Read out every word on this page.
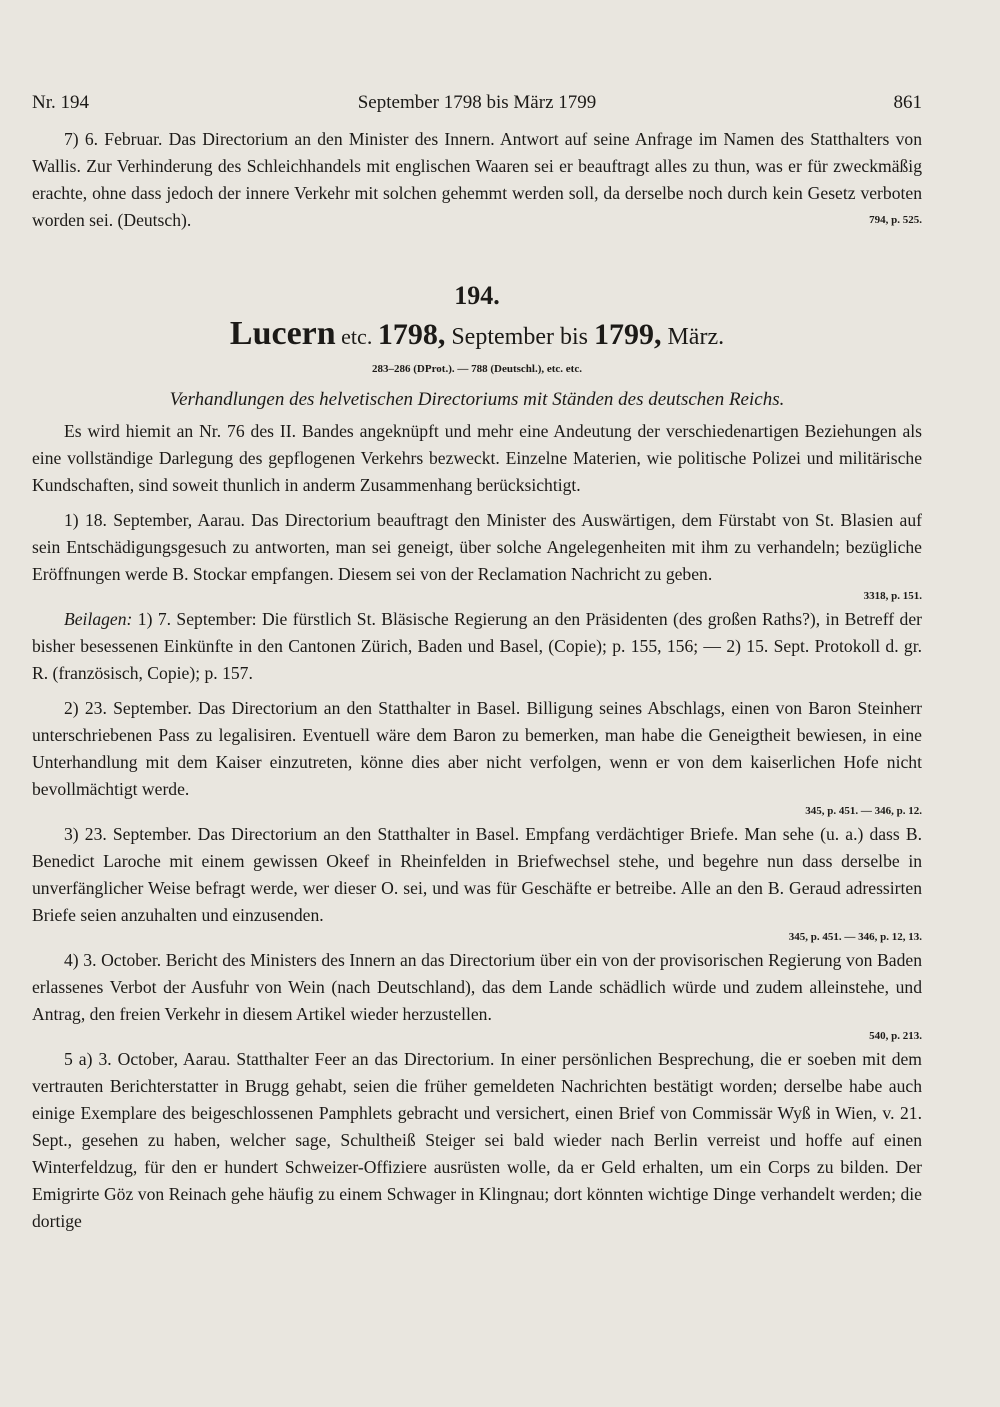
Nr. 194	September 1798 bis März 1799	861

7) 6. Februar. Das Directorium an den Minister des Innern. Antwort auf seine Anfrage im Namen des Statthalters von Wallis. Zur Verhinderung des Schleichhandels mit englischen Waaren sei er beauftragt alles zu thun, was er für zweckmäßig erachte, ohne dass jedoch der innere Verkehr mit solchen gehemmt werden soll, da derselbe noch durch kein Gesetz verboten worden sei. (Deutsch).	794, p. 525.

194.

Lucern etc. 1798, September bis 1799, März.

283–286 (DProt.). — 788 (Deutschl.), etc. etc.
Verhandlungen des helvetischen Directoriums mit Ständen des deutschen Reichs.

Es wird hiemit an Nr. 76 des II. Bandes angeknüpft und mehr eine Andeutung der verschiedenartigen Beziehungen als eine vollständige Darlegung des gepflogenen Verkehrs bezweckt. Einzelne Materien, wie politische Polizei und militärische Kundschaften, sind soweit thunlich in anderm Zusammenhang berücksichtigt.

1) 18. September, Aarau. Das Directorium beauftragt den Minister des Auswärtigen, dem Fürstabt von St. Blasien auf sein Entschädigungsgesuch zu antworten, man sei geneigt, über solche Angelegenheiten mit ihm zu verhandeln; bezügliche Eröffnungen werde B. Stockar empfangen. Diesem sei von der Reclamation Nachricht zu geben.

3318, p. 151.

Beilagen: 1) 7. September: Die fürstlich St. Bläsische Regierung an den Präsidenten (des großen Raths?), in Betreff der bisher besessenen Einkünfte in den Cantonen Zürich, Baden und Basel, (Copie); p. 155, 156; — 2) 15. Sept. Protokoll d. gr. R. (französisch, Copie); p. 157.

2) 23. September. Das Directorium an den Statthalter in Basel. Billigung seines Abschlags, einen von Baron Steinherr unterschriebenen Pass zu legalisiren. Eventuell wäre dem Baron zu bemerken, man habe die Geneigtheit bewiesen, in eine Unterhandlung mit dem Kaiser einzutreten, könne dies aber nicht verfolgen, wenn er von dem kaiserlichen Hofe nicht bevollmächtigt werde.

345, p. 451. — 346, p. 12.

3) 23. September. Das Directorium an den Statthalter in Basel. Empfang verdächtiger Briefe. Man sehe (u. a.) dass B. Benedict Laroche mit einem gewissen Okeef in Rheinfelden in Briefwechsel stehe, und begehre nun dass derselbe in unverfänglicher Weise befragt werde, wer dieser O. sei, und was für Geschäfte er betreibe. Alle an den B. Geraud adressirten Briefe seien anzuhalten und einzusenden.

345, p. 451. — 346, p. 12, 13.

4) 3. October. Bericht des Ministers des Innern an das Directorium über ein von der provisorischen Regierung von Baden erlassenes Verbot der Ausfuhr von Wein (nach Deutschland), das dem Lande schädlich würde und zudem alleinstehe, und Antrag, den freien Verkehr in diesem Artikel wieder herzustellen.

540, p. 213.

5 a) 3. October, Aarau. Statthalter Feer an das Directorium. In einer persönlichen Besprechung, die er soeben mit dem vertrauten Berichterstatter in Brugg gehabt, seien die früher gemeldeten Nachrichten bestätigt worden; derselbe habe auch einige Exemplare des beigeschlossenen Pamphlets gebracht und versichert, einen Brief von Commissär Wyß in Wien, v. 21. Sept., gesehen zu haben, welcher sage, Schultheiß Steiger sei bald wieder nach Berlin verreist und hoffe auf einen Winterfeldzug, für den er hundert Schweizer-Offiziere ausrüsten wolle, da er Geld erhalten, um ein Corps zu bilden. Der Emigrirte Göz von Reinach gehe häufig zu einem Schwager in Klingnau; dort könnten wichtige Dinge verhandelt werden; die dortige
